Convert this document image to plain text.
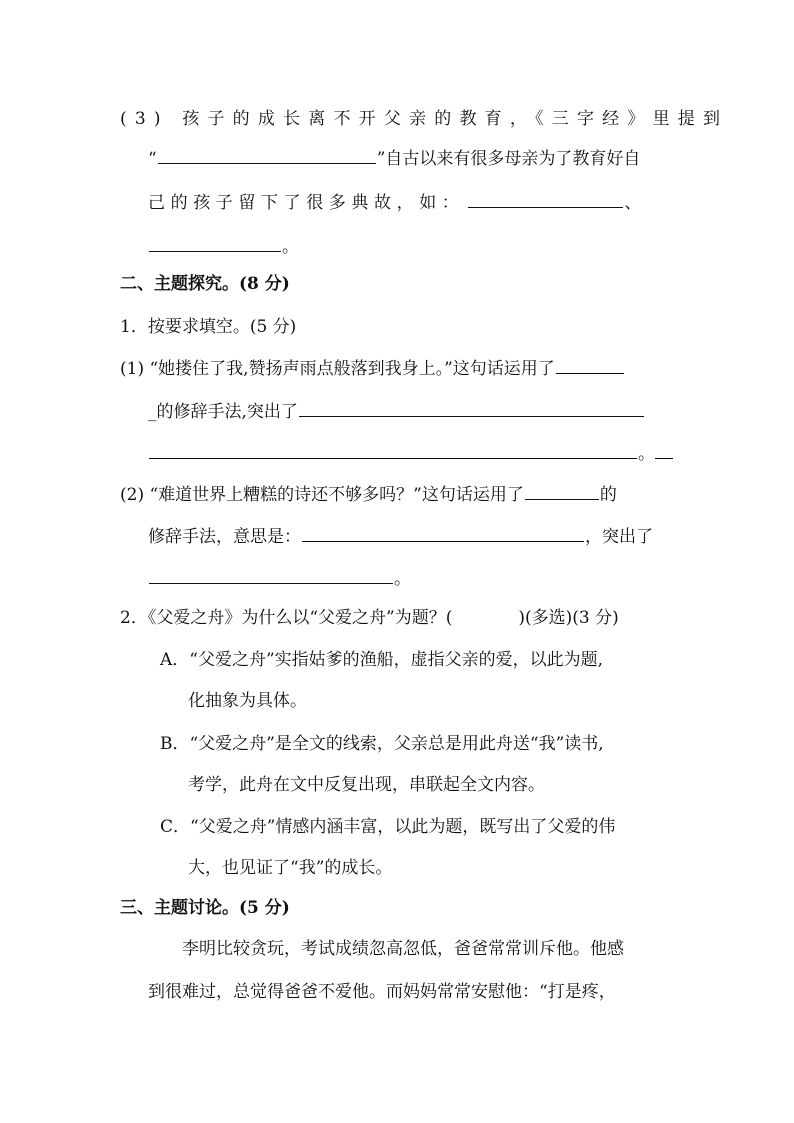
(3) 孩子的成长离不开父亲的教育，《三字经》里提到
“	”自古以来有很多母亲为了教育好自
己的孩子留下了很多典故，如：	、
。
二、主题探究。(8 分)
1．按要求填空。(5 分)
(1) “她搂住了我,赞扬声雨点般落到我身上。”这句话运用了
_的修辞手法,突出了
。
(2) “难道世界上糟糕的诗还不够多吗？”这句话运用了	的
修辞手法，意思是：	，突出了
。
2．《父爱之舟》为什么以“父爱之舟”为题？(	)(多选)(3 分)
A．“父爱之舟”实指姑爹的渔船，虚指父亲的爱，以此为题,
化抽象为具体。
B．“父爱之舟”是全文的线索，父亲总是用此舟送“我”读书,
考学，此舟在文中反复出现，串联起全文内容。
C．“父爱之舟”情感内涵丰富，以此为题，既写出了父爱的伟
大，也见证了“我”的成长。
三、主题讨论。(5 分)
李明比较贪玩，考试成绩忽高忽低，爸爸常常训斥他。他感
到很难过，总觉得爸爸不爱他。而妈妈常常安慰他：“打是疼，
